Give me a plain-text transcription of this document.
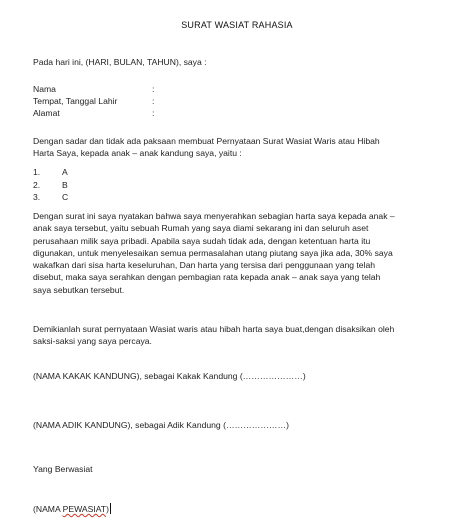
SURAT WASIAT RAHASIA
Pada hari ini, (HARI, BULAN, TAHUN), saya :
Nama	:
Tempat, Tanggal Lahir	:
Alamat	:
Dengan sadar dan tidak ada paksaan membuat Pernyataan Surat Wasiat Waris atau Hibah
Harta Saya, kepada anak – anak kandung saya, yaitu :
1.	A
2.	B
3.	C
Dengan surat ini saya nyatakan bahwa saya menyerahkan sebagian harta saya kepada anak –
anak saya tersebut, yaitu sebuah Rumah yang saya diami sekarang ini dan seluruh aset
perusahaan milik saya pribadi. Apabila saya sudah tidak ada, dengan ketentuan harta itu
digunakan, untuk menyelesaikan semua permasalahan utang piutang saya jika ada, 30% saya
wakafkan dari sisa harta keseluruhan, Dan harta yang tersisa dari penggunaan yang telah
disebut, maka saya serahkan dengan pembagian rata kepada anak – anak saya yang telah
saya sebutkan tersebut.
Demikianlah surat pernyataan Wasiat waris atau hibah harta saya buat,dengan disaksikan oleh
saksi-saksi yang saya percaya.
(NAMA KAKAK KANDUNG), sebagai Kakak Kandung (…………………)
(NAMA ADIK KANDUNG), sebagai Adik Kandung (…………………)
Yang Berwasiat
(NAMA PEWASIAT)
